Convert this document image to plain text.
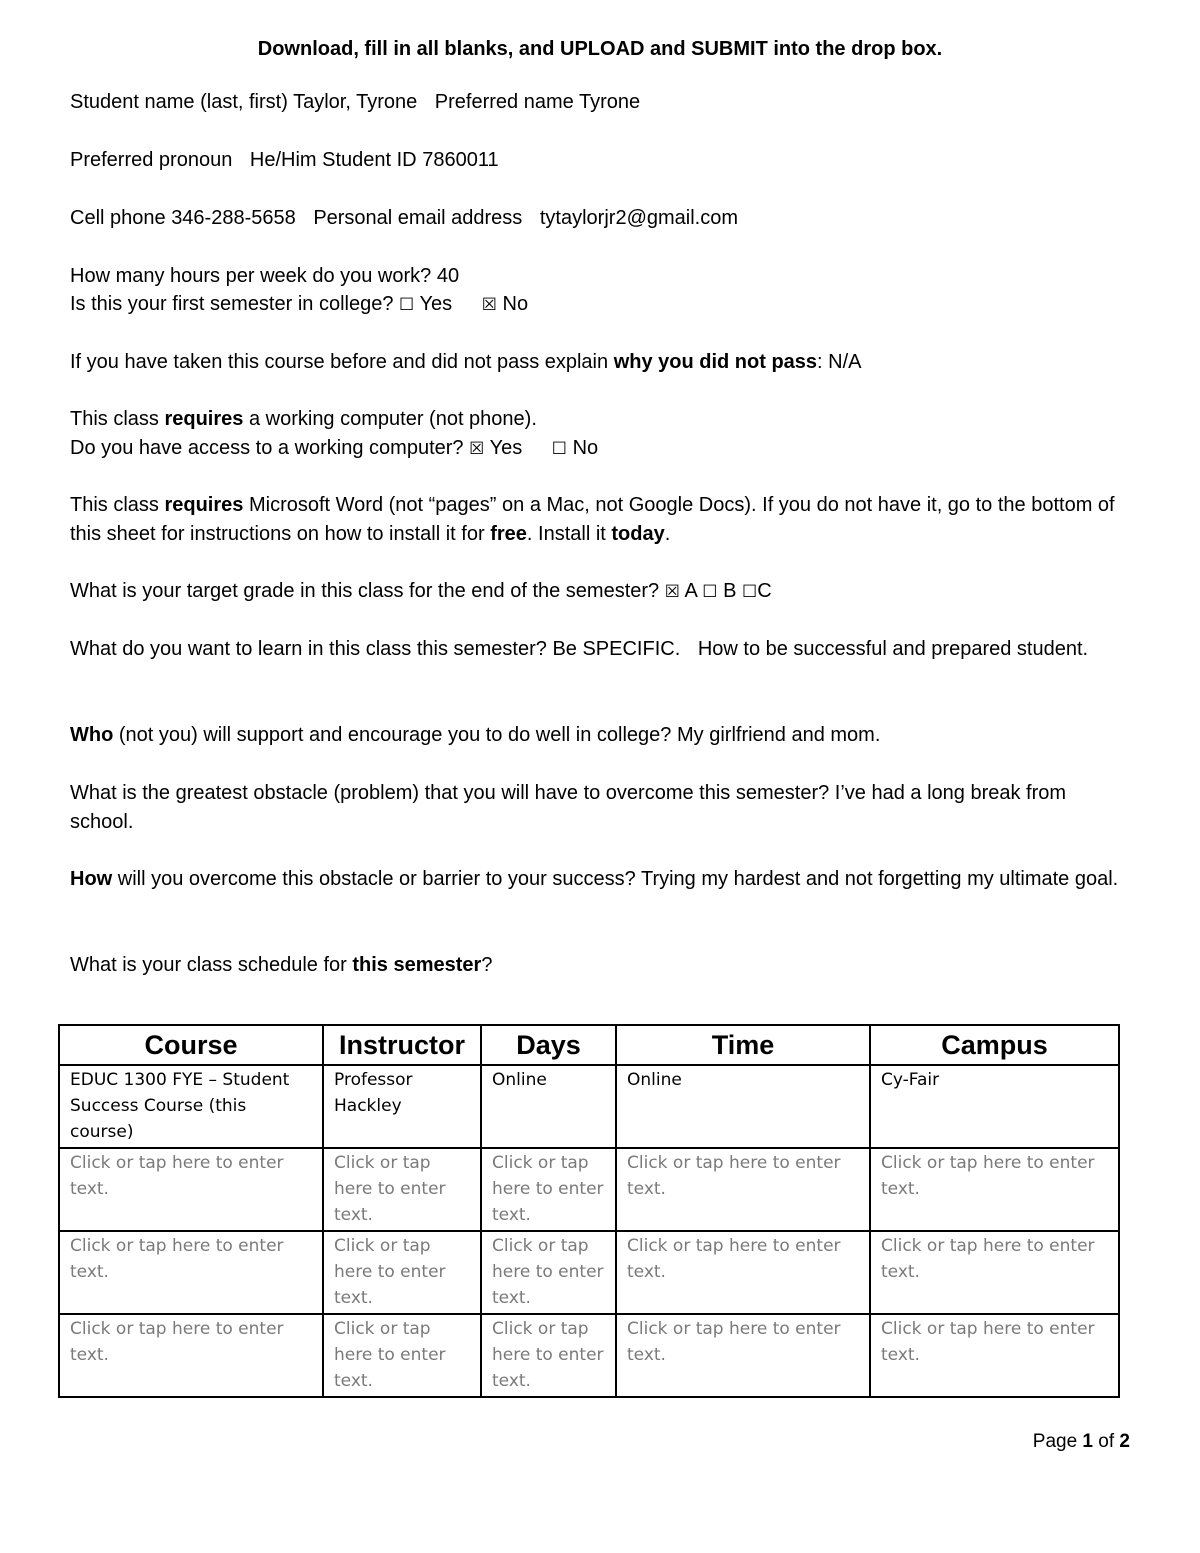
Download, fill in all blanks, and UPLOAD and SUBMIT into the drop box.
Student name (last, first) Taylor, Tyrone Preferred name Tyrone
Preferred pronoun He/Him Student ID 7860011
Cell phone 346-288-5658 Personal email address tytaylorjr2@gmail.com
How many hours per week do you work? 40
Is this your first semester in college? ☐ Yes ☒ No
If you have taken this course before and did not pass explain why you did not pass: N/A
This class requires a working computer (not phone).
Do you have access to a working computer? ☒ Yes ☐ No
This class requires Microsoft Word (not “pages” on a Mac, not Google Docs). If you do not have it, go to the bottom of this sheet for instructions on how to install it for free. Install it today.
What is your target grade in this class for the end of the semester? ☒ A ☐ B ☐C
What do you want to learn in this class this semester? Be SPECIFIC. How to be successful and prepared student.
Who (not you) will support and encourage you to do well in college? My girlfriend and mom.
What is the greatest obstacle (problem) that you will have to overcome this semester? I’ve had a long break from school.
How will you overcome this obstacle or barrier to your success? Trying my hardest and not forgetting my ultimate goal.
What is your class schedule for this semester?
Course	Instructor	Days	Time	Campus
EDUC 1300 FYE – Student Success Course (this course)	Professor Hackley	Online	Online	Cy-Fair
Click or tap here to enter text.	Click or tap here to enter text.	Click or tap here to enter text.	Click or tap here to enter text.	Click or tap here to enter text.
Click or tap here to enter text.	Click or tap here to enter text.	Click or tap here to enter text.	Click or tap here to enter text.	Click or tap here to enter text.
Click or tap here to enter text.	Click or tap here to enter text.	Click or tap here to enter text.	Click or tap here to enter text.	Click or tap here to enter text.
Page 1 of 2
